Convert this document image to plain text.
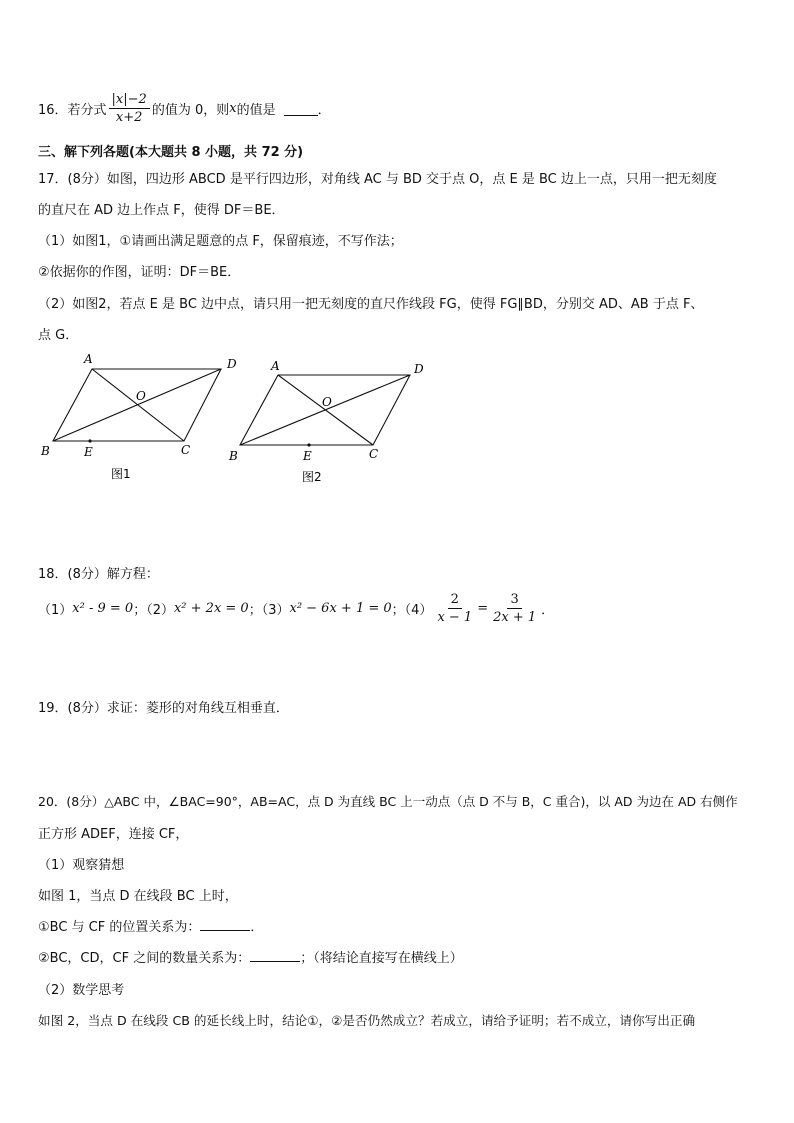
16．若分式 $\frac{|x|-2}{x+2}$ 的值为 0，则 x 的值是	．
三、解下列各题(本大题共 8 小题，共 72 分)
17．(8分）如图，四边形 ABCD 是平行四边形，对角线 AC 与 BD 交于点 O，点 E 是 BC 边上一点，只用一把无刻度
的直尺在 AD 边上作点 F，使得 DF＝BE．
（1）如图1，①请画出满足题意的点 F，保留痕迹，不写作法；
②依据你的作图，证明：DF＝BE．
（2）如图2，若点 E 是 BC 边中点，请只用一把无刻度的直尺作线段 FG，使得 FG∥BD，分别交 AD、AB 于点 F、
点 G．
A	D
O
B	E	C
图1
A	D
O
B	E	C
图2
18．(8分）解方程：
（1） x² - 9 = 0 ；（2） x² + 2x = 0 ；（3） x² − 6x + 1 = 0 ；$(4) \frac{2}{x - 1} = \frac{3}{2x + 1}$ ．
19．(8分）求证：菱形的对角线互相垂直．
20．(8分）△ABC 中，∠BAC=90°，AB=AC，点 D 为直线 BC 上一动点（点 D 不与 B，C 重合)，以 AD 为边在 AD 右侧作
正方形 ADEF，连接 CF，
（1）观察猜想
如图 1，当点 D 在线段 BC 上时，
①BC 与 CF 的位置关系为：	．
②BC，CD，CF 之间的数量关系为：	；（将结论直接写在横线上）
（2）数学思考
如图 2，当点 D 在线段 CB 的延长线上时，结论①，②是否仍然成立？若成立，请给予证明；若不成立，请你写出正确
